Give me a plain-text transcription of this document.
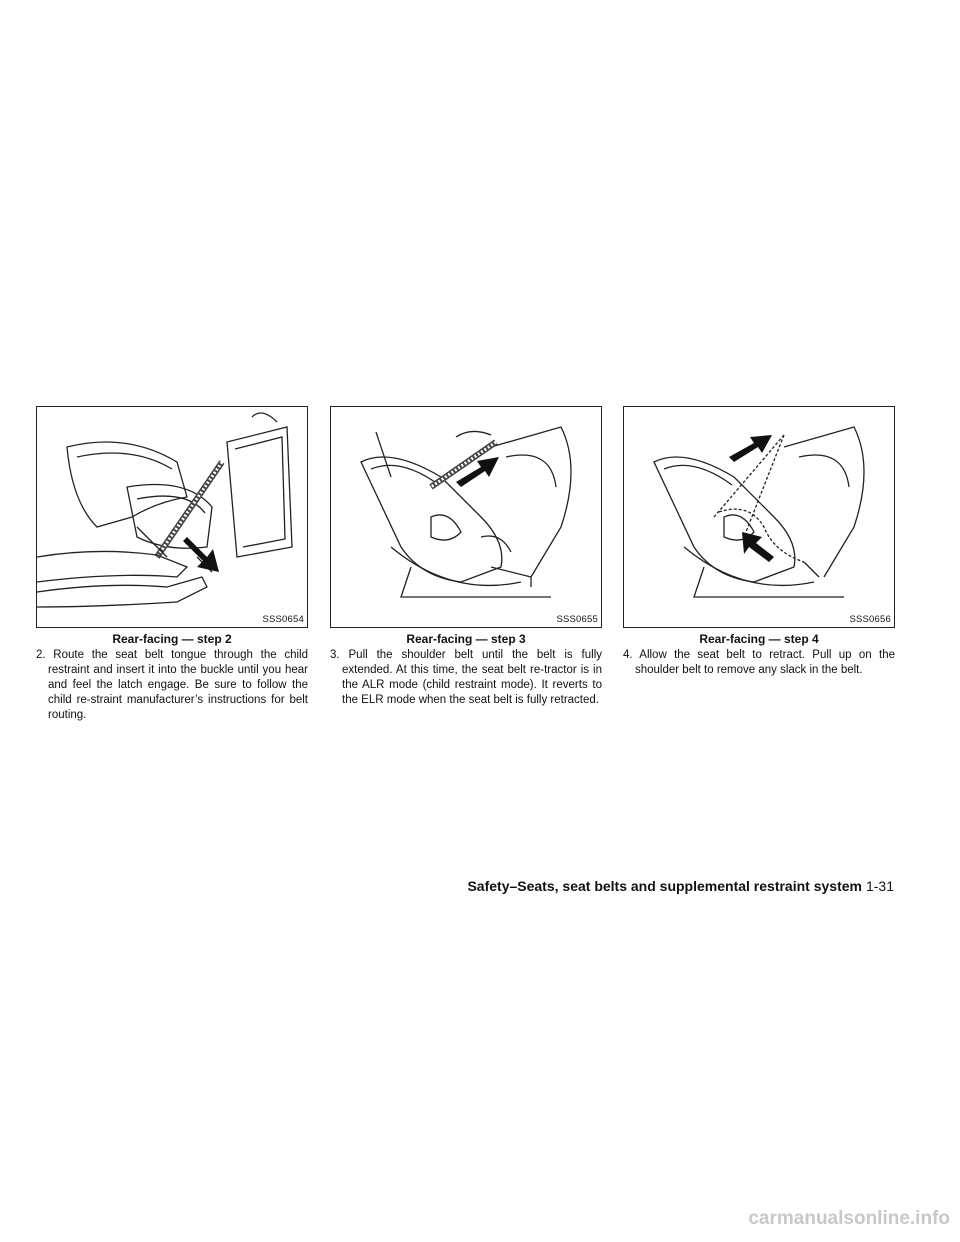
SSS0654
Rear-facing — step 2

2. Route the seat belt tongue through the child restraint and insert it into the buckle until you hear and feel the latch engage. Be sure to follow the child re-straint manufacturer’s instructions for belt routing.

SSS0655
Rear-facing — step 3

3. Pull the shoulder belt until the belt is fully extended. At this time, the seat belt re-tractor is in the ALR mode (child restraint mode). It reverts to the ELR mode when the seat belt is fully retracted.

SSS0656
Rear-facing — step 4

4. Allow the seat belt to retract. Pull up on the shoulder belt to remove any slack in the belt.

Safety–Seats, seat belts and supplemental restraint system 1-31
carmanualsonline.info
